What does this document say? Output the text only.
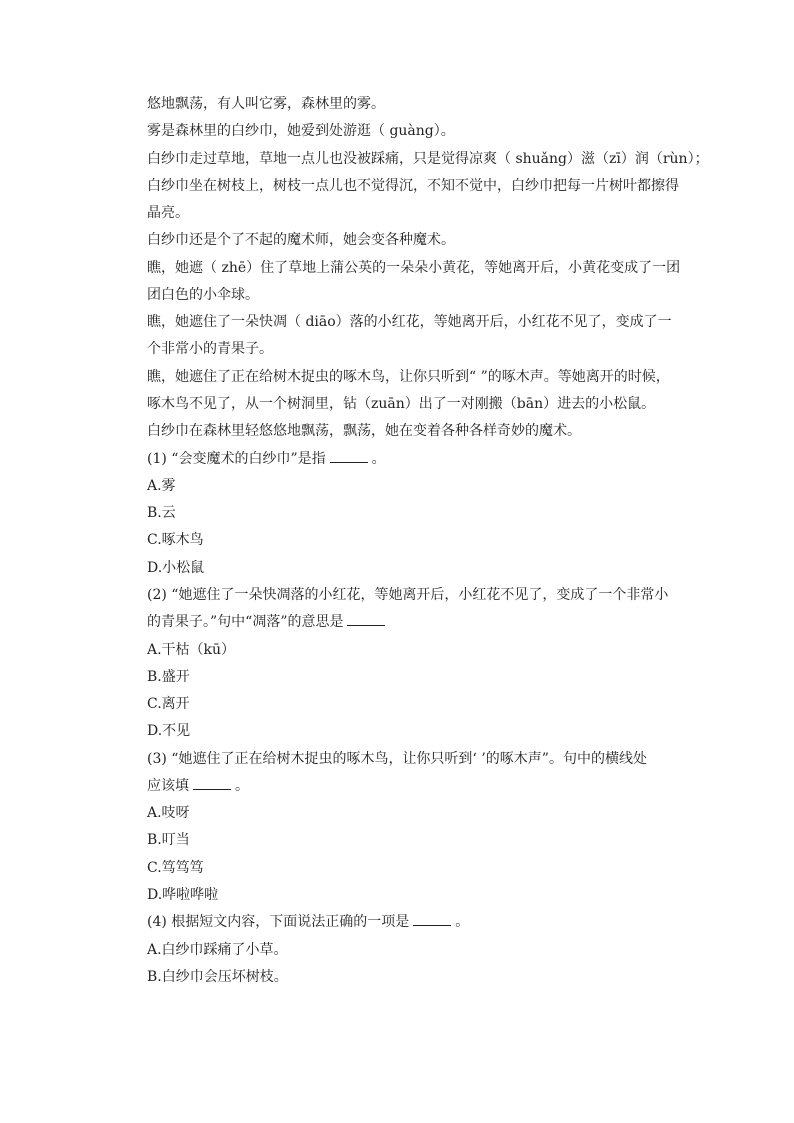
悠地飘荡，有人叫它雾，森林里的雾。
雾是森林里的白纱巾，她爱到处游逛（ guàng）。
白纱巾走过草地，草地一点儿也没被踩痛，只是觉得凉爽（ shuǎng）滋（zī）润（rùn）；
白纱巾坐在树枝上，树枝一点儿也不觉得沉，不知不觉中，白纱巾把每一片树叶都擦得
晶亮。
白纱巾还是个了不起的魔术师，她会变各种魔术。
瞧，她遮（ zhē）住了草地上蒲公英的一朵朵小黄花，等她离开后，小黄花变成了一团
团白色的小伞球。
瞧，她遮住了一朵快凋（ diāo）落的小红花，等她离开后，小红花不见了，变成了一
个非常小的青果子。
瞧，她遮住了正在给树木捉虫的啄木鸟，让你只听到“ ”的啄木声。等她离开的时候，
啄木鸟不见了，从一个树洞里，钻（zuān）出了一对刚搬（bān）进去的小松鼠。
白纱巾在森林里轻悠悠地飘荡，飘荡，她在变着各种各样奇妙的魔术。
(1) “会变魔术的白纱巾”是指	。
A.雾
B.云
C.啄木鸟
D.小松鼠
(2) “她遮住了一朵快凋落的小红花，等她离开后，小红花不见了，变成了一个非常小
的青果子。”句中“凋落”的意思是
A.干枯（kū）
B.盛开
C.离开
D.不见
(3) “她遮住了正在给树木捉虫的啄木鸟，让你只听到‘ ’的啄木声”。句中的横线处
应该填	。
A.吱呀
B.叮当
C.笃笃笃
D.哗啦哗啦
(4) 根据短文内容，下面说法正确的一项是	。
A.白纱巾踩痛了小草。
B.白纱巾会压坏树枝。
